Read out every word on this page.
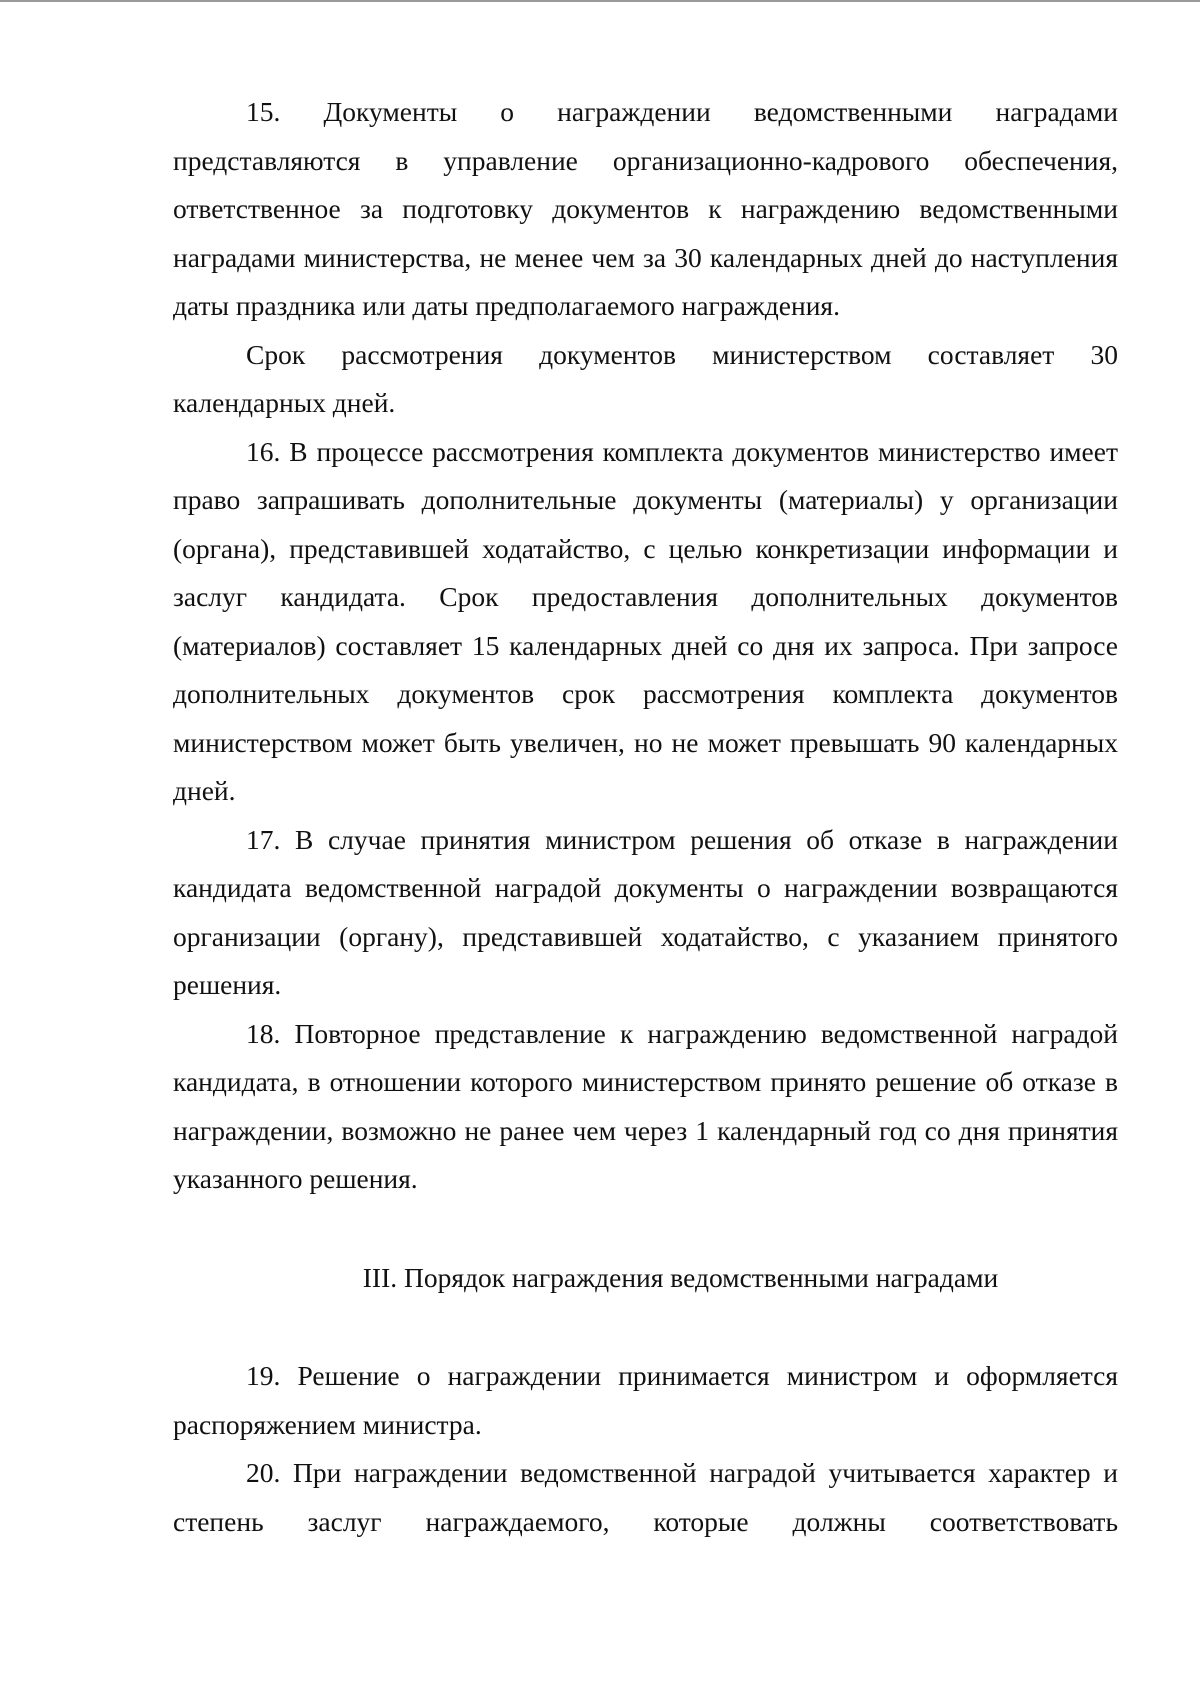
15. Документы о награждении ведомственными наградами представляются в управление организационно-кадрового обеспечения, ответственное за подготовку документов к награждению ведомственными наградами министерства, не менее чем за 30 календарных дней до наступления даты праздника или даты предполагаемого награждения.

Срок рассмотрения документов министерством составляет 30 календарных дней.

16. В процессе рассмотрения комплекта документов министерство имеет право запрашивать дополнительные документы (материалы) у организации (органа), представившей ходатайство, с целью конкретизации информации и заслуг кандидата. Срок предоставления дополнительных документов (материалов) составляет 15 календарных дней со дня их запроса. При запросе дополнительных документов срок рассмотрения комплекта документов министерством может быть увеличен, но не может превышать 90 календарных дней.

17. В случае принятия министром решения об отказе в награждении кандидата ведомственной наградой документы о награждении возвращаются организации (органу), представившей ходатайство, с указанием принятого решения.

18. Повторное представление к награждению ведомственной наградой кандидата, в отношении которого министерством принято решение об отказе в награждении, возможно не ранее чем через 1 календарный год со дня принятия указанного решения.

III. Порядок награждения ведомственными наградами

19. Решение о награждении принимается министром и оформляется распоряжением министра.

20. При награждении ведомственной наградой учитывается характер и степень заслуг награждаемого, которые должны соответствовать
